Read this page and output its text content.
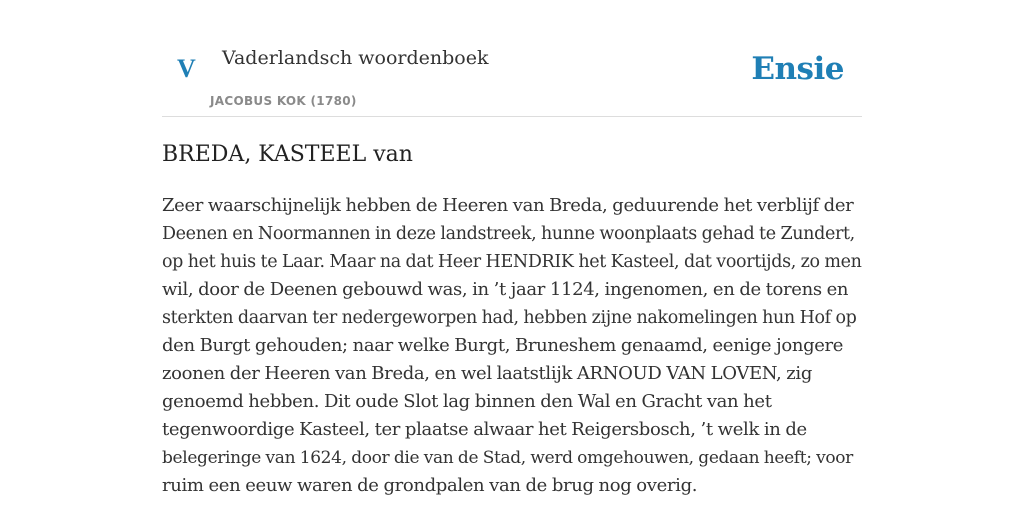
V Vaderlandsch woordenboek
JACOBUS KOK (1780)
Ensie
BREDA, KASTEEL van

Zeer waarschijnelijk hebben de Heeren van Breda, geduurende het verblijf der
Deenen en Noormannen in deze landstreek, hunne woonplaats gehad te Zundert,
op het huis te Laar. Maar na dat Heer HENDRIK het Kasteel, dat voortijds, zo men
wil, door de Deenen gebouwd was, in ’t jaar 1124, ingenomen, en de torens en
sterkten daarvan ter nedergeworpen had, hebben zijne nakomelingen hun Hof op
den Burgt gehouden; naar welke Burgt, Bruneshem genaamd, eenige jongere
zoonen der Heeren van Breda, en wel laatstlijk ARNOUD VAN LOVEN, zig
genoemd hebben. Dit oude Slot lag binnen den Wal en Gracht van het
tegenwoordige Kasteel, ter plaatse alwaar het Reigersbosch, ’t welk in de
belegeringe van 1624, door die van de Stad, werd omgehouwen, gedaan heeft; voor
ruim een eeuw waren de grondpalen van de brug nog overig.
